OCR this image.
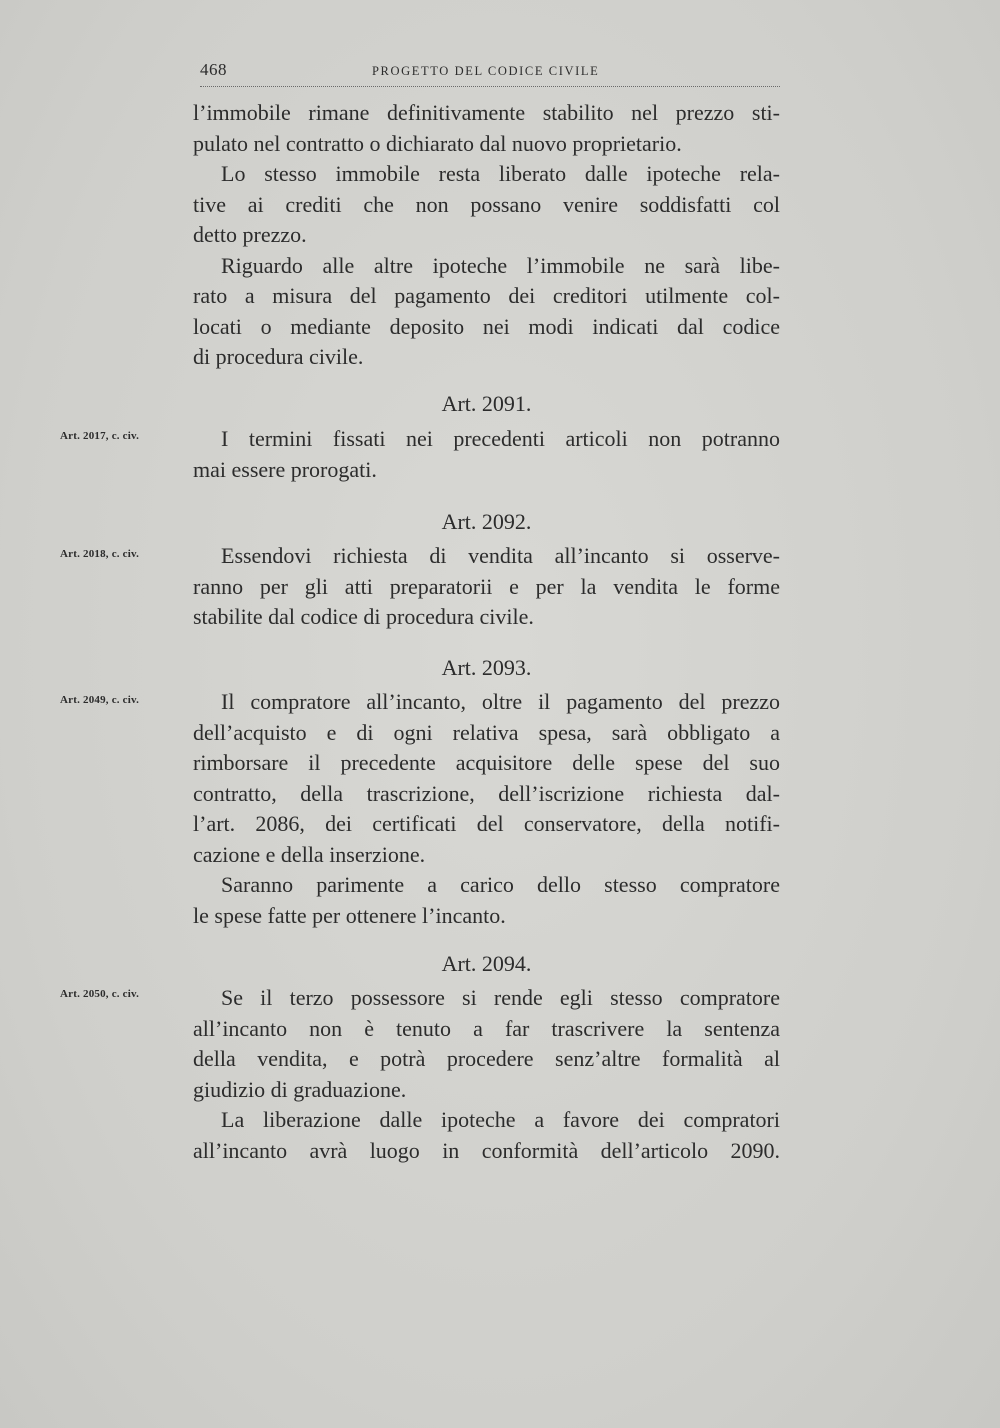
468	PROGETTO DEL CODICE CIVILE
l’immobile rimane definitivamente stabilito nel prezzo sti-
pulato nel contratto o dichiarato dal nuovo proprietario.
Lo stesso immobile resta liberato dalle ipoteche rela-
tive ai crediti che non possano venire soddisfatti col
detto prezzo.
Riguardo alle altre ipoteche l’immobile ne sarà libe-
rato a misura del pagamento dei creditori utilmente col-
locati o mediante deposito nei modi indicati dal codice
di procedura civile.
Art. 2091.
Art. 2017, c. civ.	I termini fissati nei precedenti articoli non potranno
mai essere prorogati.
Art. 2092.
Art. 2018, c. civ.	Essendovi richiesta di vendita all’incanto si osserve-
ranno per gli atti preparatorii e per la vendita le forme
stabilite dal codice di procedura civile.
Art. 2093.
Art. 2049, c. civ.	Il compratore all’incanto, oltre il pagamento del prezzo
dell’acquisto e di ogni relativa spesa, sarà obbligato a
rimborsare il precedente acquisitore delle spese del suo
contratto, della trascrizione, dell’iscrizione richiesta dal-
l’art. 2086, dei certificati del conservatore, della notifi-
cazione e della inserzione.
Saranno parimente a carico dello stesso compratore
le spese fatte per ottenere l’incanto.
Art. 2094.
Art. 2050, c. civ.	Se il terzo possessore si rende egli stesso compratore
all’incanto non è tenuto a far trascrivere la sentenza
della vendita, e potrà procedere senz’altre formalità al
giudizio di graduazione.
La liberazione dalle ipoteche a favore dei compratori
all’incanto avrà luogo in conformità dell’articolo 2090.
